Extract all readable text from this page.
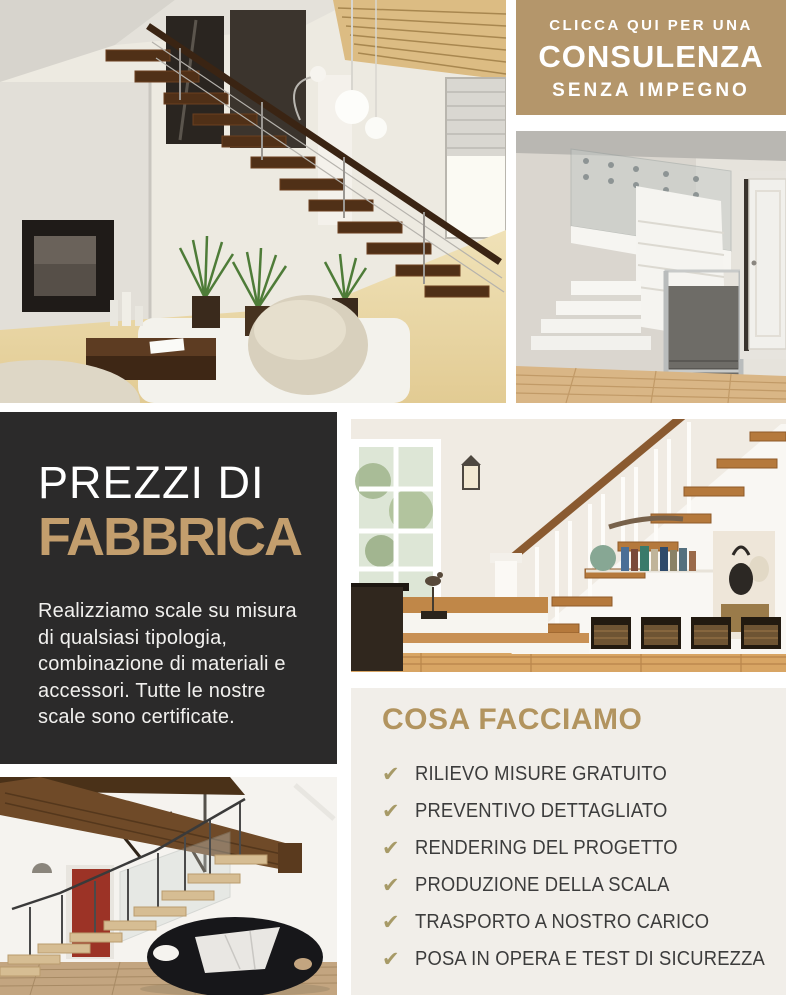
CLICCA QUI PER UNA
CONSULENZA
SENZA IMPEGNO
PREZZI DI
FABBRICA
Realizziamo scale su misura
di qualsiasi tipologia,
combinazione di materiali e
accessori. Tutte le nostre
scale sono certificate.	COSA FACCIAMO
✔ RILIEVO MISURE GRATUITO
✔ PREVENTIVO DETTAGLIATO
✔ RENDERING DEL PROGETTO
✔ PRODUZIONE DELLA SCALA
✔ TRASPORTO A NOSTRO CARICO
✔ POSA IN OPERA E TEST DI SICUREZZA
